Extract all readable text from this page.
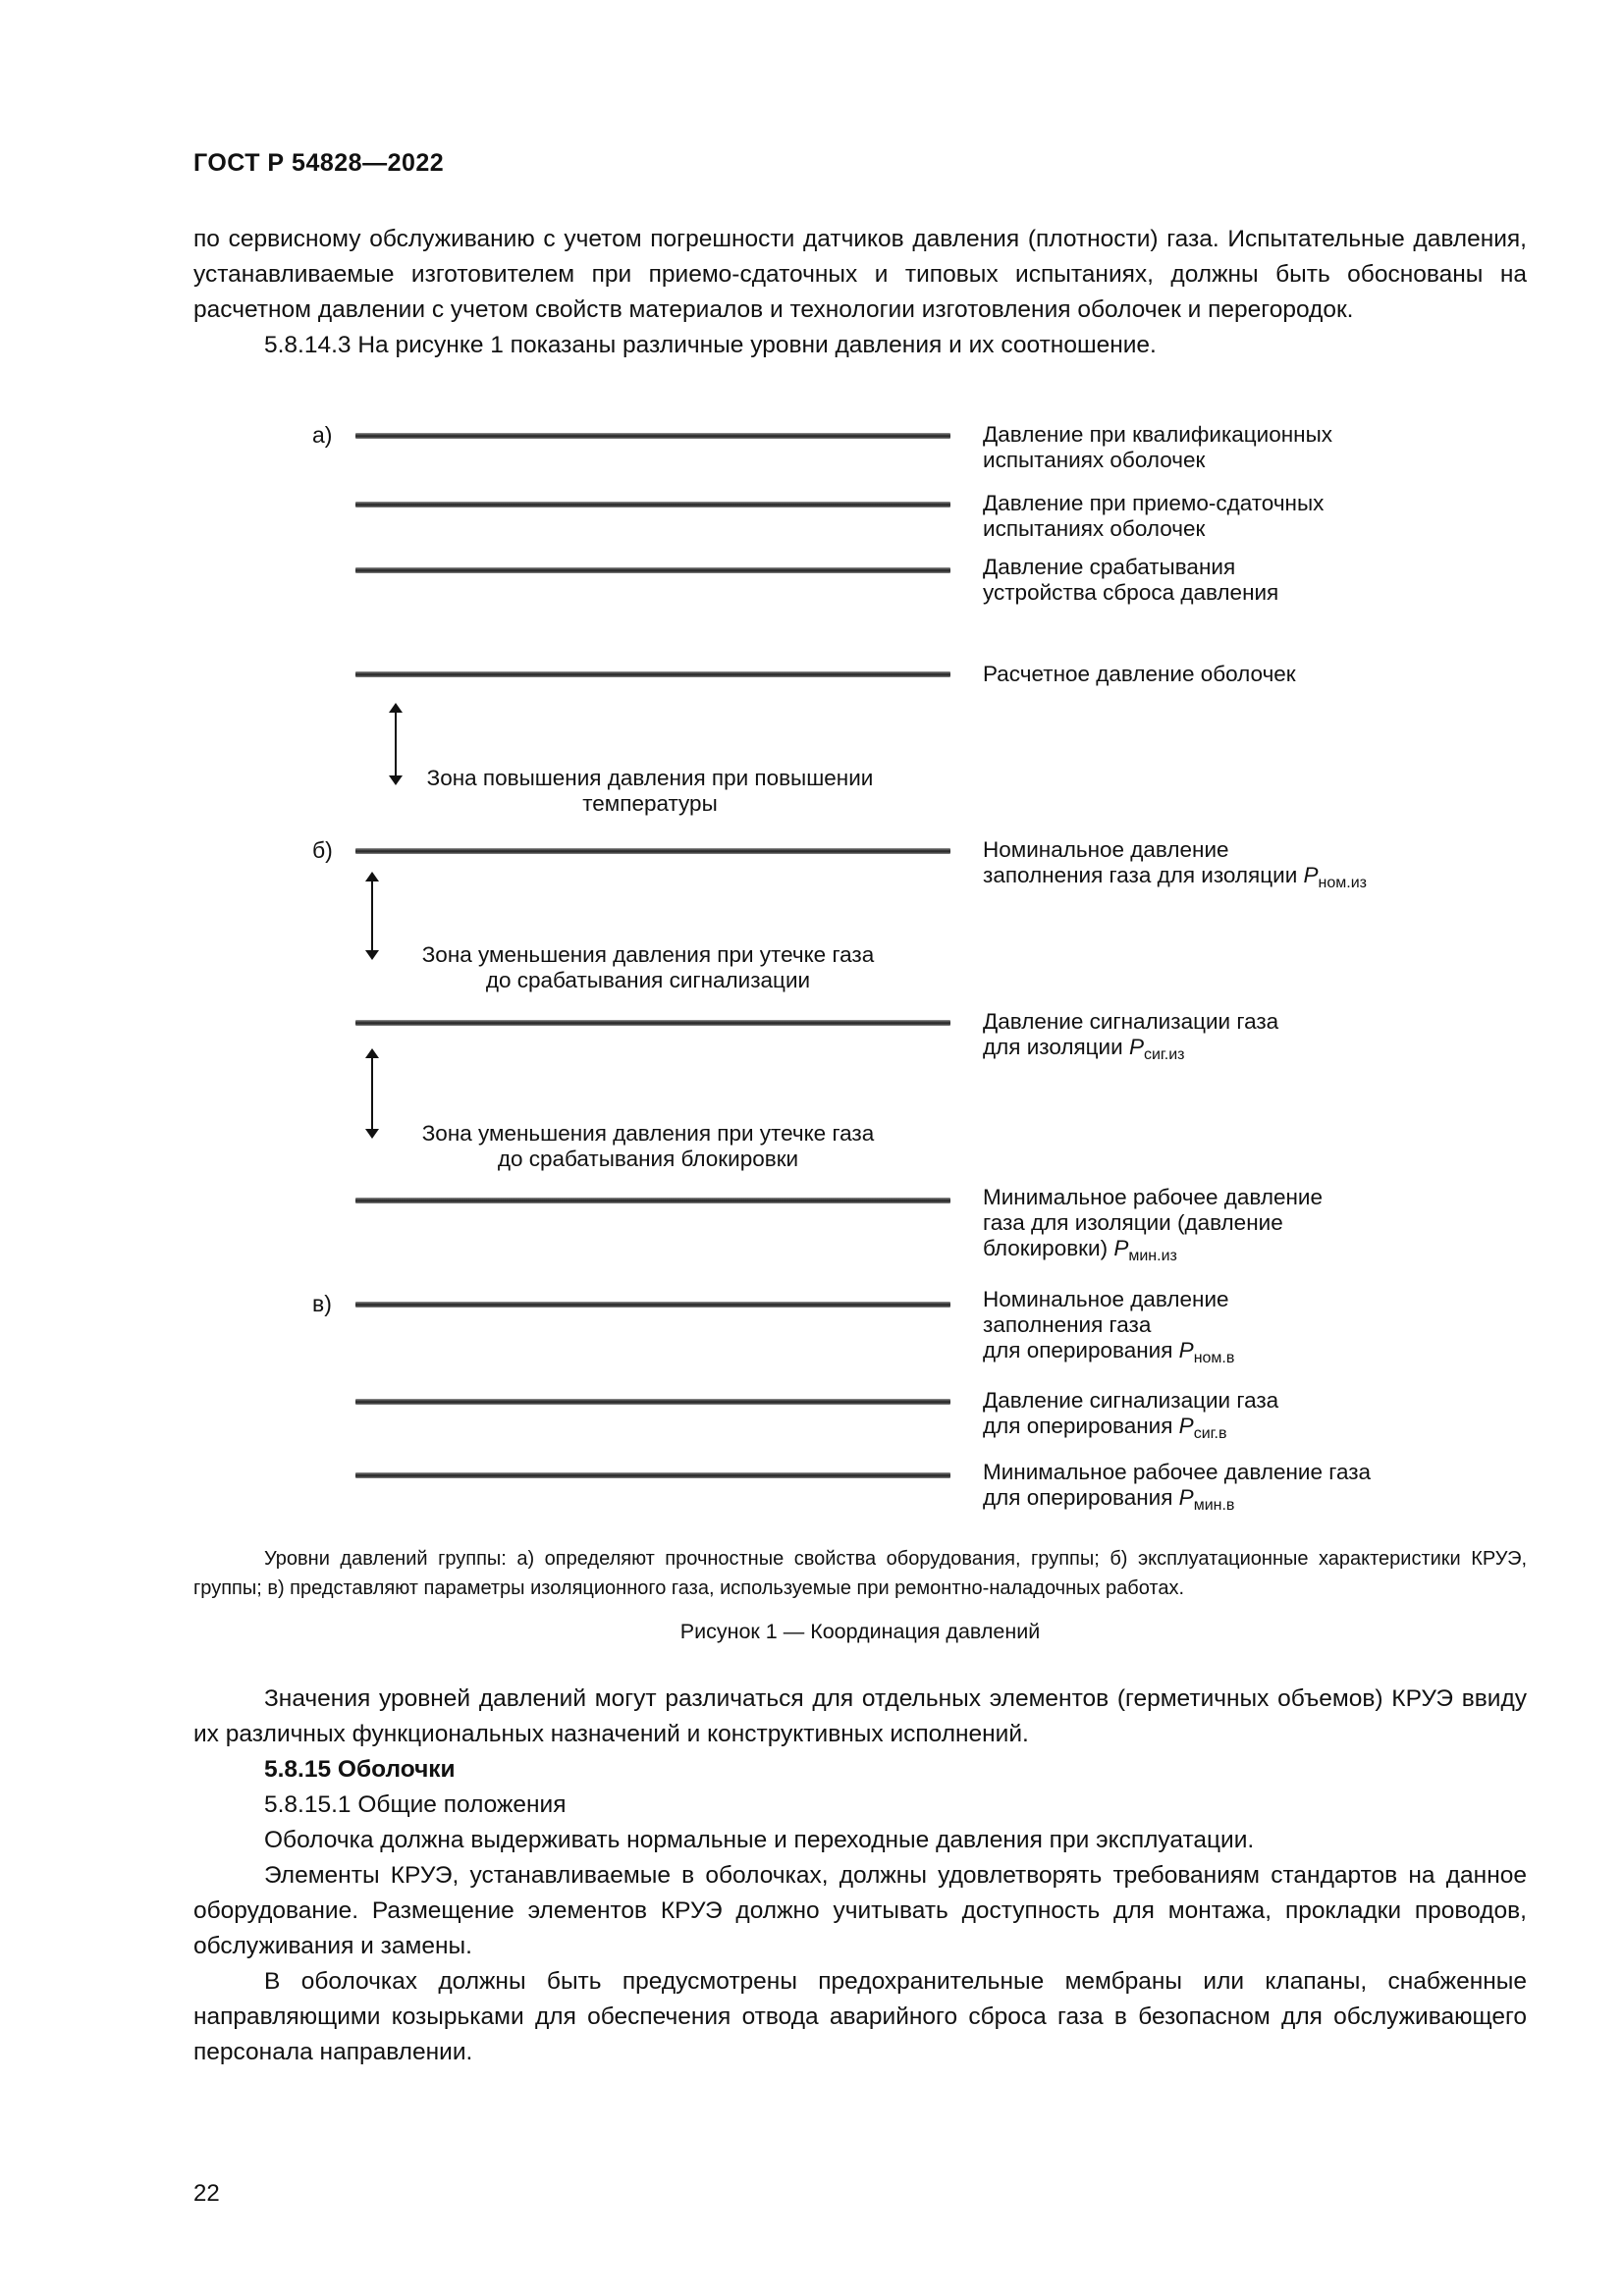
ГОСТ Р 54828—2022

по сервисному обслуживанию с учетом погрешности датчиков давления (плотности) газа. Испытательные давления, устанавливаемые изготовителем при приемо-сдаточных и типовых испытаниях, должны быть обоснованы на расчетном давлении с учетом свойств материалов и технологии изготовления оболочек и перегородок.

5.8.14.3 На рисунке 1 показаны различные уровни давления и их соотношение.

а)
б)
в)
Давление при квалификационных
испытаниях оболочек
Давление при приемо-сдаточных
испытаниях оболочек
Давление срабатывания
устройства сброса давления
Расчетное давление оболочек
Номинальное давление
заполнения газа для изоляции $P_{ном.из}$
Давление сигнализации газа
для изоляции $P_{сиг.из}$
Минимальное рабочее давление
газа для изоляции (давление
блокировки) $P_{мин.из}$
Номинальное давление
заполнения газа
для оперирования $P_{ном.в}$
Давление сигнализации газа
для оперирования $P_{сиг.в}$
Минимальное рабочее давление газа
для оперирования $P_{мин.в}$
Зона повышения давления при повышении
температуры
Зона уменьшения давления при утечке газа
до срабатывания сигнализации
Зона уменьшения давления при утечке газа
до срабатывания блокировки
Уровни давлений группы: а) определяют прочностные свойства оборудования, группы; б) эксплуатационные характеристики КРУЭ, группы; в) представляют параметры изоляционного газа, используемые при ремонтно-наладочных работах.
Рисунок 1 — Координация давлений

Значения уровней давлений могут различаться для отдельных элементов (герметичных объемов) КРУЭ ввиду их различных функциональных назначений и конструктивных исполнений.

5.8.15 Оболочки

5.8.15.1 Общие положения

Оболочка должна выдерживать нормальные и переходные давления при эксплуатации.

Элементы КРУЭ, устанавливаемые в оболочках, должны удовлетворять требованиям стандартов на данное оборудование. Размещение элементов КРУЭ должно учитывать доступность для монтажа, прокладки проводов, обслуживания и замены.

В оболочках должны быть предусмотрены предохранительные мембраны или клапаны, снабженные направляющими козырьками для обеспечения отвода аварийного сброса газа в безопасном для обслуживающего персонала направлении.

22
